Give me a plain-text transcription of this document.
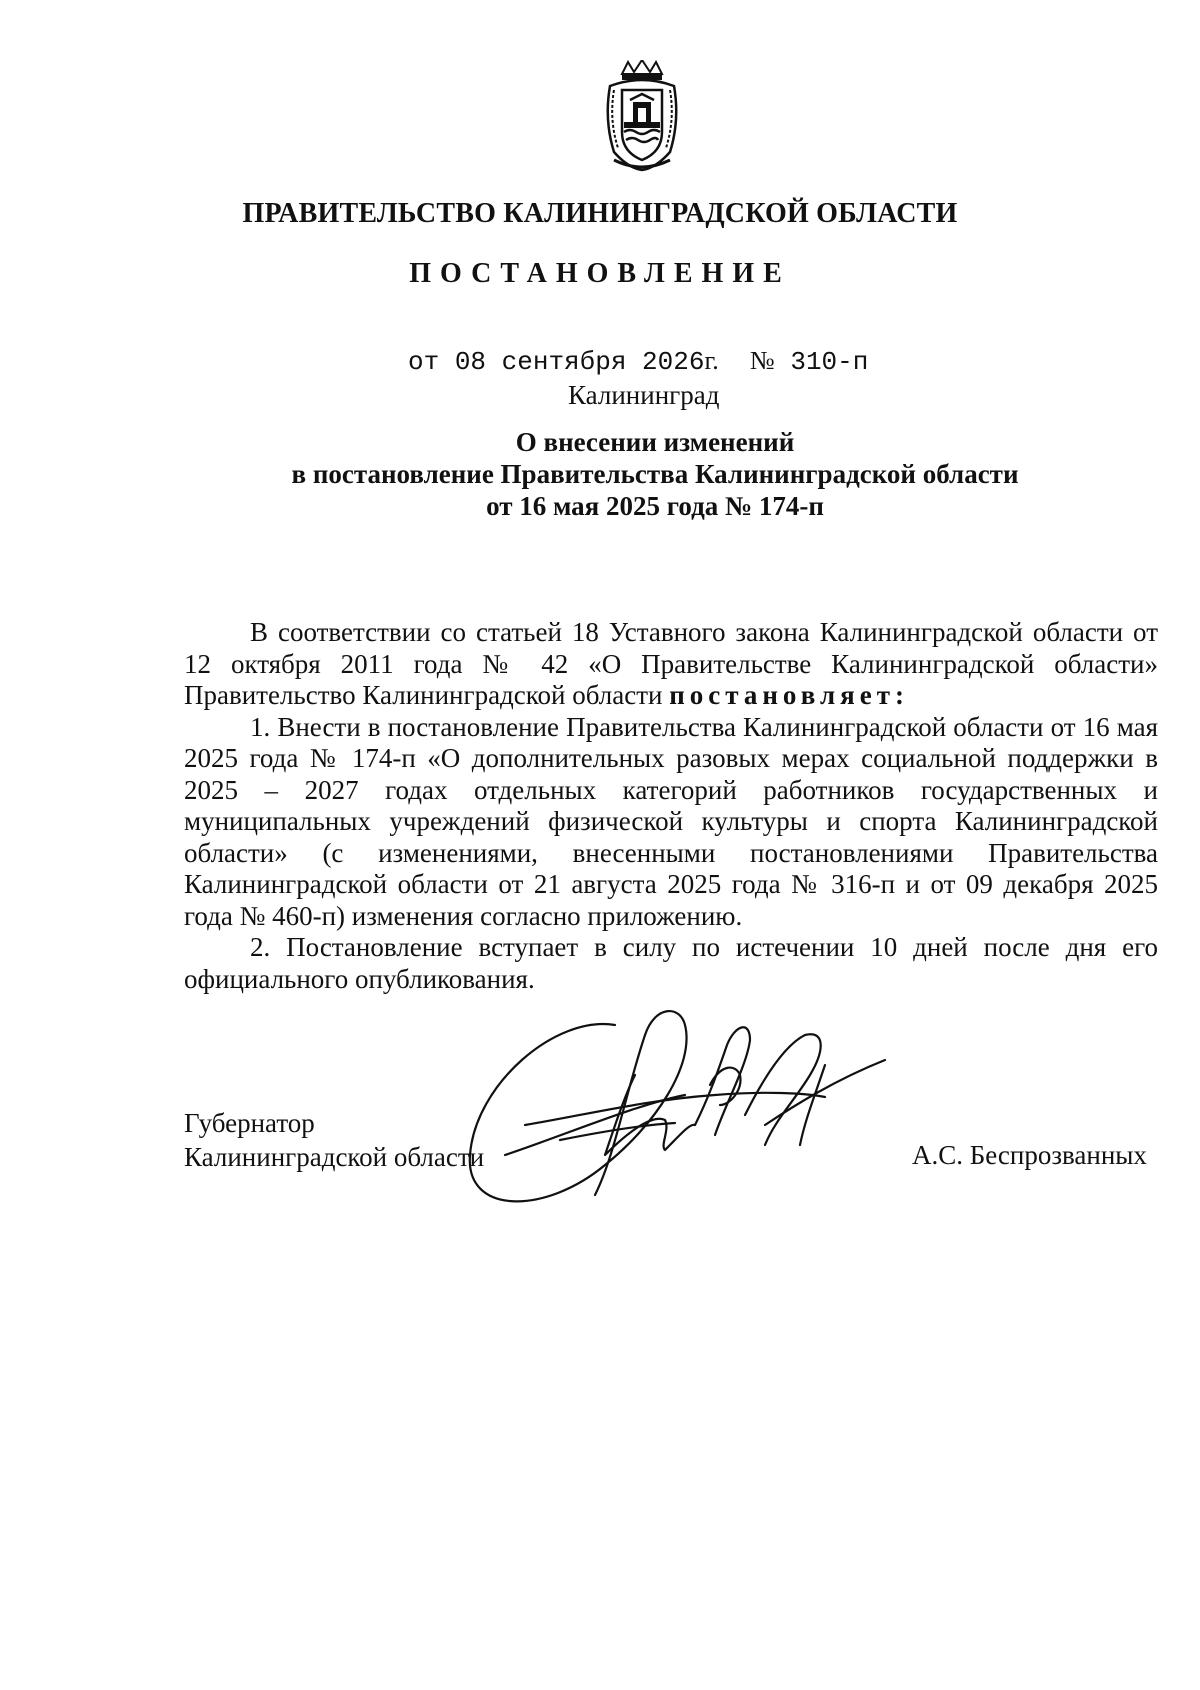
ПРАВИТЕЛЬСТВО КАЛИНИНГРАДСКОЙ ОБЛАСТИ
ПОСТАНОВЛЕНИЕ
от 08 сентября 2026г. № 310-п
Калининград
О внесении изменений
в постановление Правительства Калининградской области
от 16 мая 2025 года № 174-п

В соответствии со статьей 18 Уставного закона Калининградской области от 12 октября 2011 года № 42 «О Правительстве Калининградской области» Правительство Калининградской области постановляет:

1. Внести в постановление Правительства Калининградской области от 16 мая 2025 года № 174-п «О дополнительных разовых мерах социальной поддержки в 2025 – 2027 годах отдельных категорий работников государственных и муниципальных учреждений физической культуры и спорта Калининградской области» (с изменениями, внесенными постановлениями Правительства Калининградской области от 21 августа 2025 года № 316-п и от 09 декабря 2025 года № 460-п) изменения согласно приложению.

2. Постановление вступает в силу по истечении 10 дней после дня его официального опубликования.

Губернатор
Калининградской области	А.С. Беспрозванных
